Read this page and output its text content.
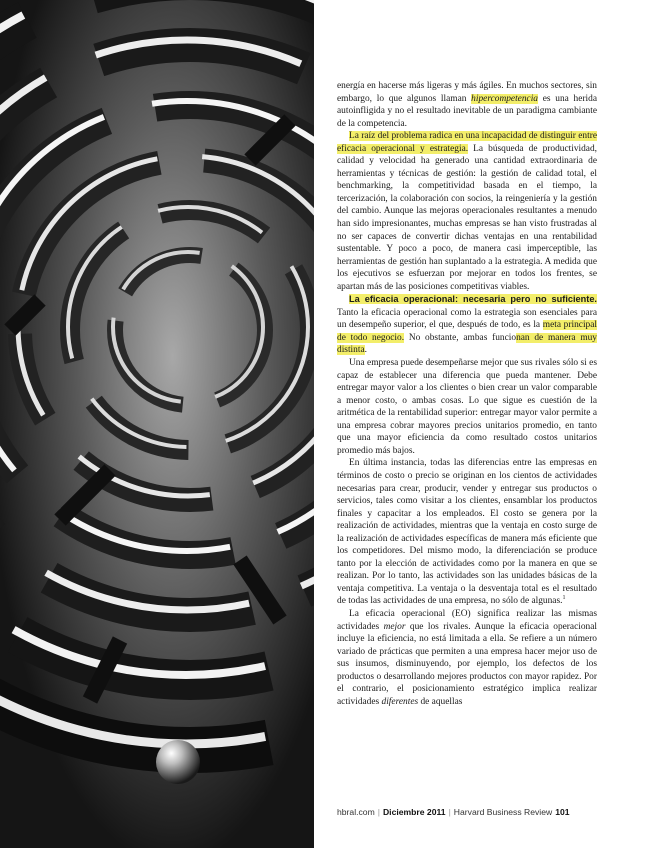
energía en hacerse más ligeras y más ágiles. En muchos sectores, sin embargo, lo que algunos llaman hipercompetencia es una herida autoinfligida y no el resultado inevitable de un paradigma cambiante de la competencia.

La raíz del problema radica en una incapacidad de distinguir entre eficacia operacional y estrategia. La búsqueda de productividad, calidad y velocidad ha generado una cantidad extraordinaria de herramientas y técnicas de gestión: la gestión de calidad total, el benchmarking, la competitividad basada en el tiempo, la tercerización, la colaboración con socios, la reingeniería y la gestión del cambio. Aunque las mejoras operacionales resultantes a menudo han sido impresionantes, muchas empresas se han visto frustradas al no ser capaces de convertir dichas ventajas en una rentabilidad sustentable. Y poco a poco, de manera casi imperceptible, las herramientas de gestión han suplantado a la estrategia. A medida que los ejecutivos se esfuerzan por mejorar en todos los frentes, se apartan más de las posiciones competitivas viables.

La eficacia operacional: necesaria pero no suficiente. Tanto la eficacia operacional como la estrategia son esenciales para un desempeño superior, el que, después de todo, es la meta principal de todo negocio. No obstante, ambas funcionan de manera muy distinta.

Una empresa puede desempeñarse mejor que sus rivales sólo si es capaz de establecer una diferencia que pueda mantener. Debe entregar mayor valor a los clientes o bien crear un valor comparable a menor costo, o ambas cosas. Lo que sigue es cuestión de la aritmética de la rentabilidad superior: entregar mayor valor permite a una empresa cobrar mayores precios unitarios promedio, en tanto que una mayor eficiencia da como resultado costos unitarios promedio más bajos.

En última instancia, todas las diferencias entre las empresas en términos de costo o precio se originan en los cientos de actividades necesarias para crear, producir, vender y entregar sus productos o servicios, tales como visitar a los clientes, ensamblar los productos finales y capacitar a los empleados. El costo se genera por la realización de actividades, mientras que la ventaja en costo surge de la realización de actividades específicas de manera más eficiente que los competidores. Del mismo modo, la diferenciación se produce tanto por la elección de actividades como por la manera en que se realizan. Por lo tanto, las actividades son las unidades básicas de la ventaja competitiva. La ventaja o la desventaja total es el resultado de todas las actividades de una empresa, no sólo de algunas.$^1$

La eficacia operacional (EO) significa realizar las mismas actividades mejor que los rivales. Aunque la eficacia operacional incluye la eficiencia, no está limitada a ella. Se refiere a un número variado de prácticas que permiten a una empresa hacer mejor uso de sus insumos, disminuyendo, por ejemplo, los defectos de los productos o desarrollando mejores productos con mayor rapidez. Por el contrario, el posicionamiento estratégico implica realizar actividades diferentes de aquellas

hbral.com | Diciembre 2011 | Harvard Business Review 101
